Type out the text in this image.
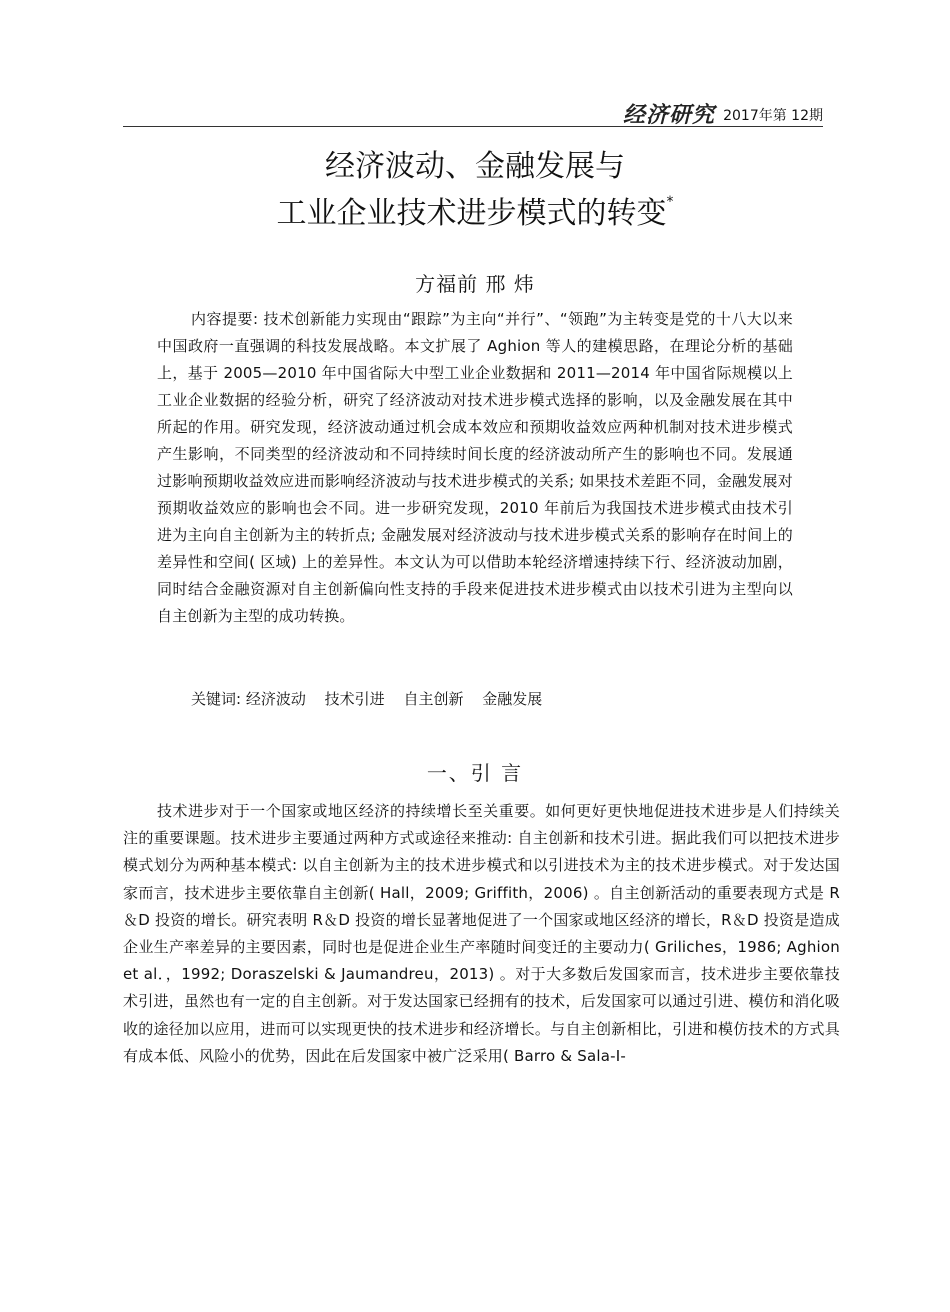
经济研究 2017年第 12期
经济波动、金融发展与
工业企业技术进步模式的转变*
方福前 邢 炜

内容提要: 技术创新能力实现由“跟踪”为主向“并行”、“领跑”为主转变是党的十八大以来中国政府一直强调的科技发展战略。本文扩展了 Aghion 等人的建模思路，在理论分析的基础上，基于 2005—2010 年中国省际大中型工业企业数据和 2011—2014 年中国省际规模以上工业企业数据的经验分析，研究了经济波动对技术进步模式选择的影响，以及金融发展在其中所起的作用。研究发现，经济波动通过机会成本效应和预期收益效应两种机制对技术进步模式产生影响，不同类型的经济波动和不同持续时间长度的经济波动所产生的影响也不同。发展通过影响预期收益效应进而影响经济波动与技术进步模式的关系; 如果技术差距不同，金融发展对预期收益效应的影响也会不同。进一步研究发现，2010 年前后为我国技术进步模式由技术引进为主向自主创新为主的转折点; 金融发展对经济波动与技术进步模式关系的影响存在时间上的差异性和空间( 区域) 上的差异性。本文认为可以借助本轮经济增速持续下行、经济波动加剧，同时结合金融资源对自主创新偏向性支持的手段来促进技术进步模式由以技术引进为主型向以自主创新为主型的成功转换。

关键词: 经济波动 技术引进 自主创新 金融发展
一、引 言

技术进步对于一个国家或地区经济的持续增长至关重要。如何更好更快地促进技术进步是人们持续关注的重要课题。技术进步主要通过两种方式或途径来推动: 自主创新和技术引进。据此我们可以把技术进步模式划分为两种基本模式: 以自主创新为主的技术进步模式和以引进技术为主的技术进步模式。对于发达国家而言，技术进步主要依靠自主创新( Hall，2009; Griffith，2006) 。自主创新活动的重要表现方式是 R＆D 投资的增长。研究表明 R＆D 投资的增长显著地促进了一个国家或地区经济的增长，R＆D 投资是造成企业生产率差异的主要因素，同时也是促进企业生产率随时间变迁的主要动力( Griliches，1986; Aghion et al．，1992; Doraszelski & Jaumandreu，2013) 。对于大多数后发国家而言，技术进步主要依靠技术引进，虽然也有一定的自主创新。对于发达国家已经拥有的技术，后发国家可以通过引进、模仿和消化吸收的途径加以应用，进而可以实现更快的技术进步和经济增长。与自主创新相比，引进和模仿技术的方式具有成本低、风险小的优势，因此在后发国家中被广泛采用( Barro & Sala-I-
